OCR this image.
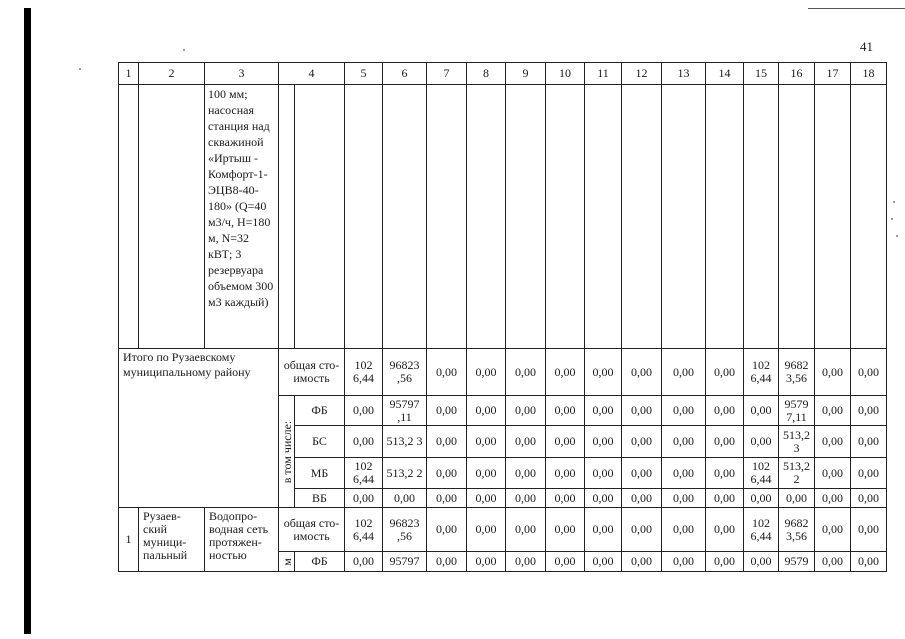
41
1	2	3	4		5	6	7	8	9	10	11	12	13	14	15	16	17	18
		100 мм; насосная станция над скважиной «Иртыш - Комфорт-1-ЭЦВ8-40-180» (Q=40 м3/ч, Н=180 м, N=32 кВТ; 3 резервуара объемом 300 м3 каждый)																
Итого по Рузаевскому муниципальному району			общая сто-имость		102 6,44	96823 ,56	0,00	0,00	0,00	0,00	0,00	0,00	0,00	0,00	102 6,44	9682 3,56	0,00	0,00

			в том числе:	ФБ	0,00	95797 ,11	0,00	0,00	0,00	0,00	0,00	0,00	0,00	0,00	0,00	9579 7,11	0,00	0,00
				БС	0,00	513,2 3	0,00	0,00	0,00	0,00	0,00	0,00	0,00	0,00	0,00	513,2 3	0,00	0,00
				МБ	102 6,44	513,2 2	0,00	0,00	0,00	0,00	0,00	0,00	0,00	0,00	102 6,44	513,2 2	0,00	0,00
				ВБ	0,00	0,00	0,00	0,00	0,00	0,00	0,00	0,00	0,00	0,00	0,00	0,00	0,00	0,00
1	Рузаев-ский муници-пальный	Водопро-водная сеть протяжен-ностью	общая сто-имость		102 6,44	96823 ,56	0,00	0,00	0,00	0,00	0,00	0,00	0,00	0,00	102 6,44	9682 3,56	0,00	0,00

			м	ФБ	0,00	95797	0,00	0,00	0,00	0,00	0,00	0,00	0,00	0,00	0,00	9579	0,00	0,00
